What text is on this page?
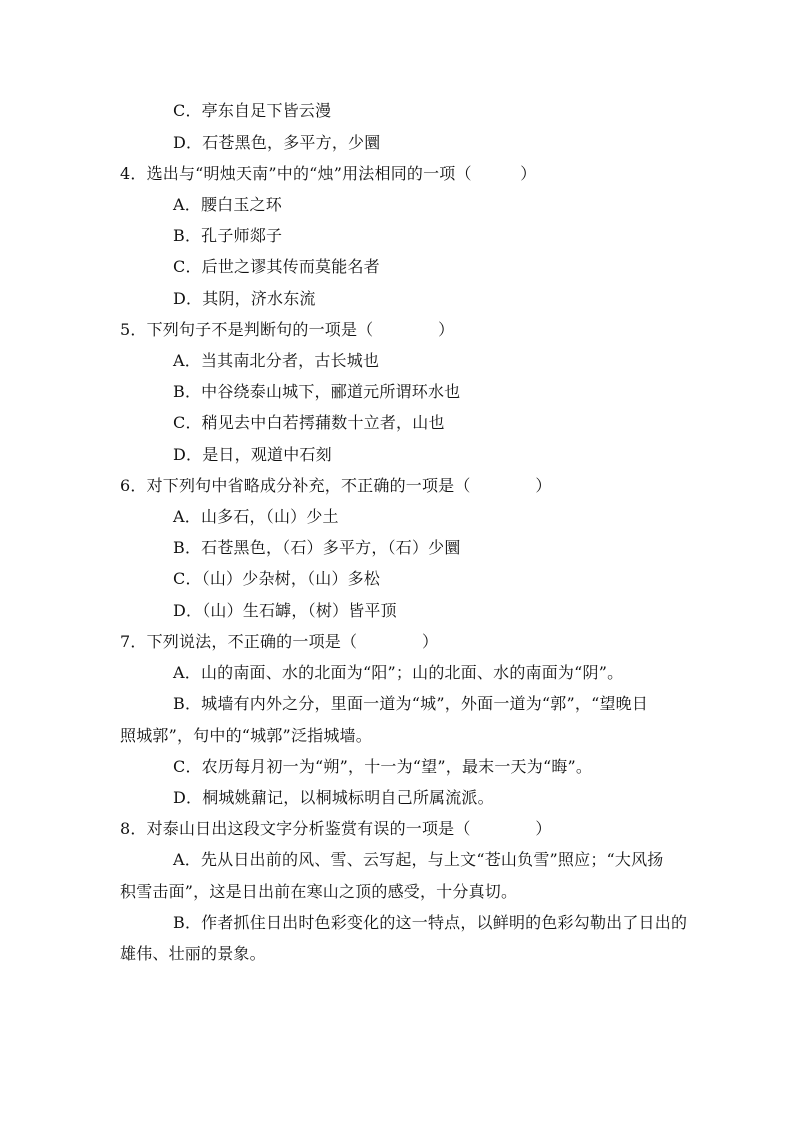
C．亭东自足下皆云漫
D．石苍黑色，多平方，少圜
4．选出与“明烛天南”中的“烛”用法相同的一项（　　　）
A．腰白玉之环
B．孔子师郯子
C．后世之谬其传而莫能名者
D．其阴，济水东流
5．下列句子不是判断句的一项是（　　　　）
A．当其南北分者，古长城也
B．中谷绕泰山城下，郦道元所谓环水也
C．稍见去中白若摴蒱数十立者，山也
D．是日，观道中石刻
6．对下列句中省略成分补充，不正确的一项是（　　　　）
A．山多石，（山）少土
B．石苍黑色，（石）多平方，（石）少圜
C．（山）少杂树，（山）多松
D．（山）生石罅，（树）皆平顶
7．下列说法，不正确的一项是（　　　　）
A．山的南面、水的北面为“阳”；山的北面、水的南面为“阴”。
B．城墙有内外之分，里面一道为“城”，外面一道为“郭”，“望晚日
照城郭”，句中的“城郭”泛指城墙。
C．农历每月初一为“朔”，十一为“望”，最末一天为“晦”。
D．桐城姚鼐记，以桐城标明自己所属流派。
8．对泰山日出这段文字分析鉴赏有误的一项是（　　　　）
A．先从日出前的风、雪、云写起，与上文“苍山负雪”照应；“大风扬
积雪击面”，这是日出前在寒山之顶的感受，十分真切。
B．作者抓住日出时色彩变化的这一特点，以鲜明的色彩勾勒出了日出的
雄伟、壮丽的景象。
